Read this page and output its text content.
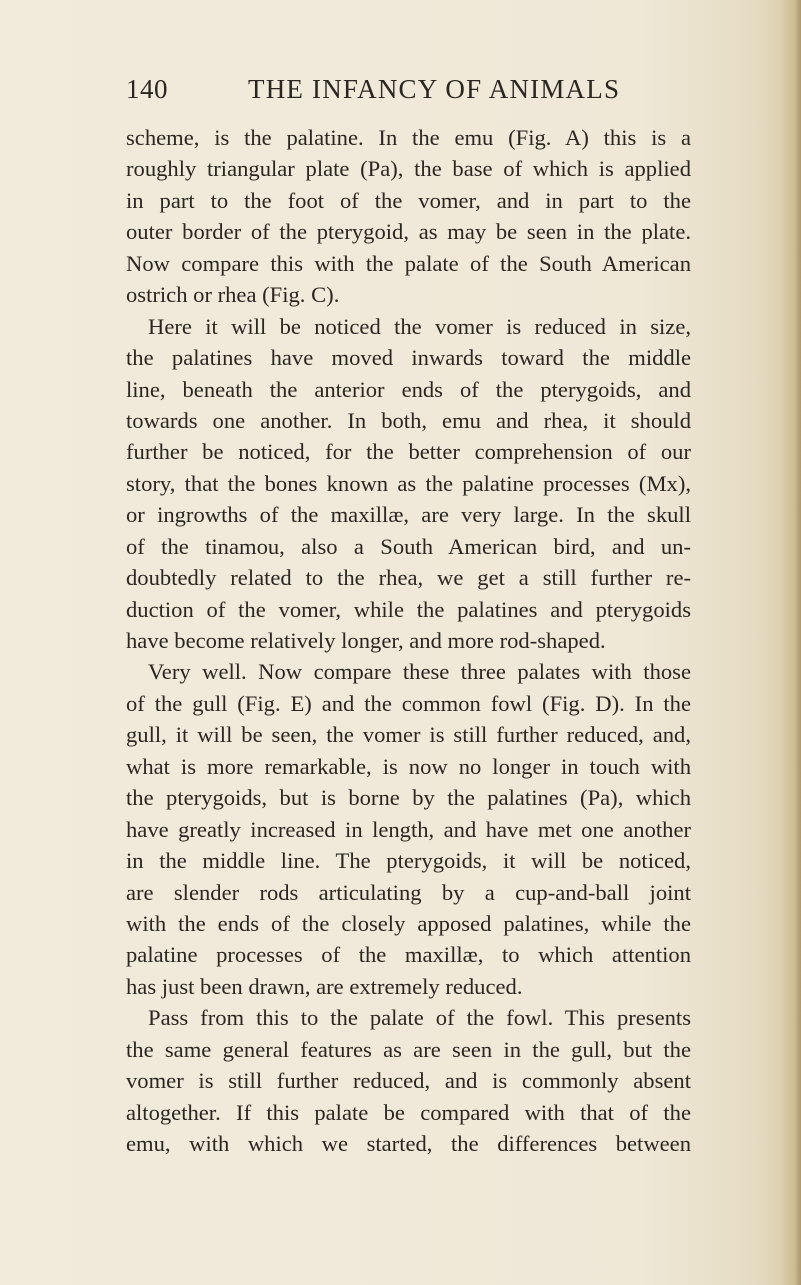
140	THE INFANCY OF ANIMALS
scheme, is the palatine. In the emu (Fig. A) this is a
roughly triangular plate (Pa), the base of which is applied
in part to the foot of the vomer, and in part to the
outer border of the pterygoid, as may be seen in the plate.
Now compare this with the palate of the South American
ostrich or rhea (Fig. C).
Here it will be noticed the vomer is reduced in size,
the palatines have moved inwards toward the middle
line, beneath the anterior ends of the pterygoids, and
towards one another. In both, emu and rhea, it should
further be noticed, for the better comprehension of our
story, that the bones known as the palatine processes (Mx),
or ingrowths of the maxillæ, are very large. In the skull
of the tinamou, also a South American bird, and un-
doubtedly related to the rhea, we get a still further re-
duction of the vomer, while the palatines and pterygoids
have become relatively longer, and more rod-shaped.
Very well. Now compare these three palates with those
of the gull (Fig. E) and the common fowl (Fig. D). In the
gull, it will be seen, the vomer is still further reduced, and,
what is more remarkable, is now no longer in touch with
the pterygoids, but is borne by the palatines (Pa), which
have greatly increased in length, and have met one another
in the middle line. The pterygoids, it will be noticed,
are slender rods articulating by a cup-and-ball joint
with the ends of the closely apposed palatines, while the
palatine processes of the maxillæ, to which attention
has just been drawn, are extremely reduced.
Pass from this to the palate of the fowl. This presents
the same general features as are seen in the gull, but the
vomer is still further reduced, and is commonly absent
altogether. If this palate be compared with that of the
emu, with which we started, the differences between
